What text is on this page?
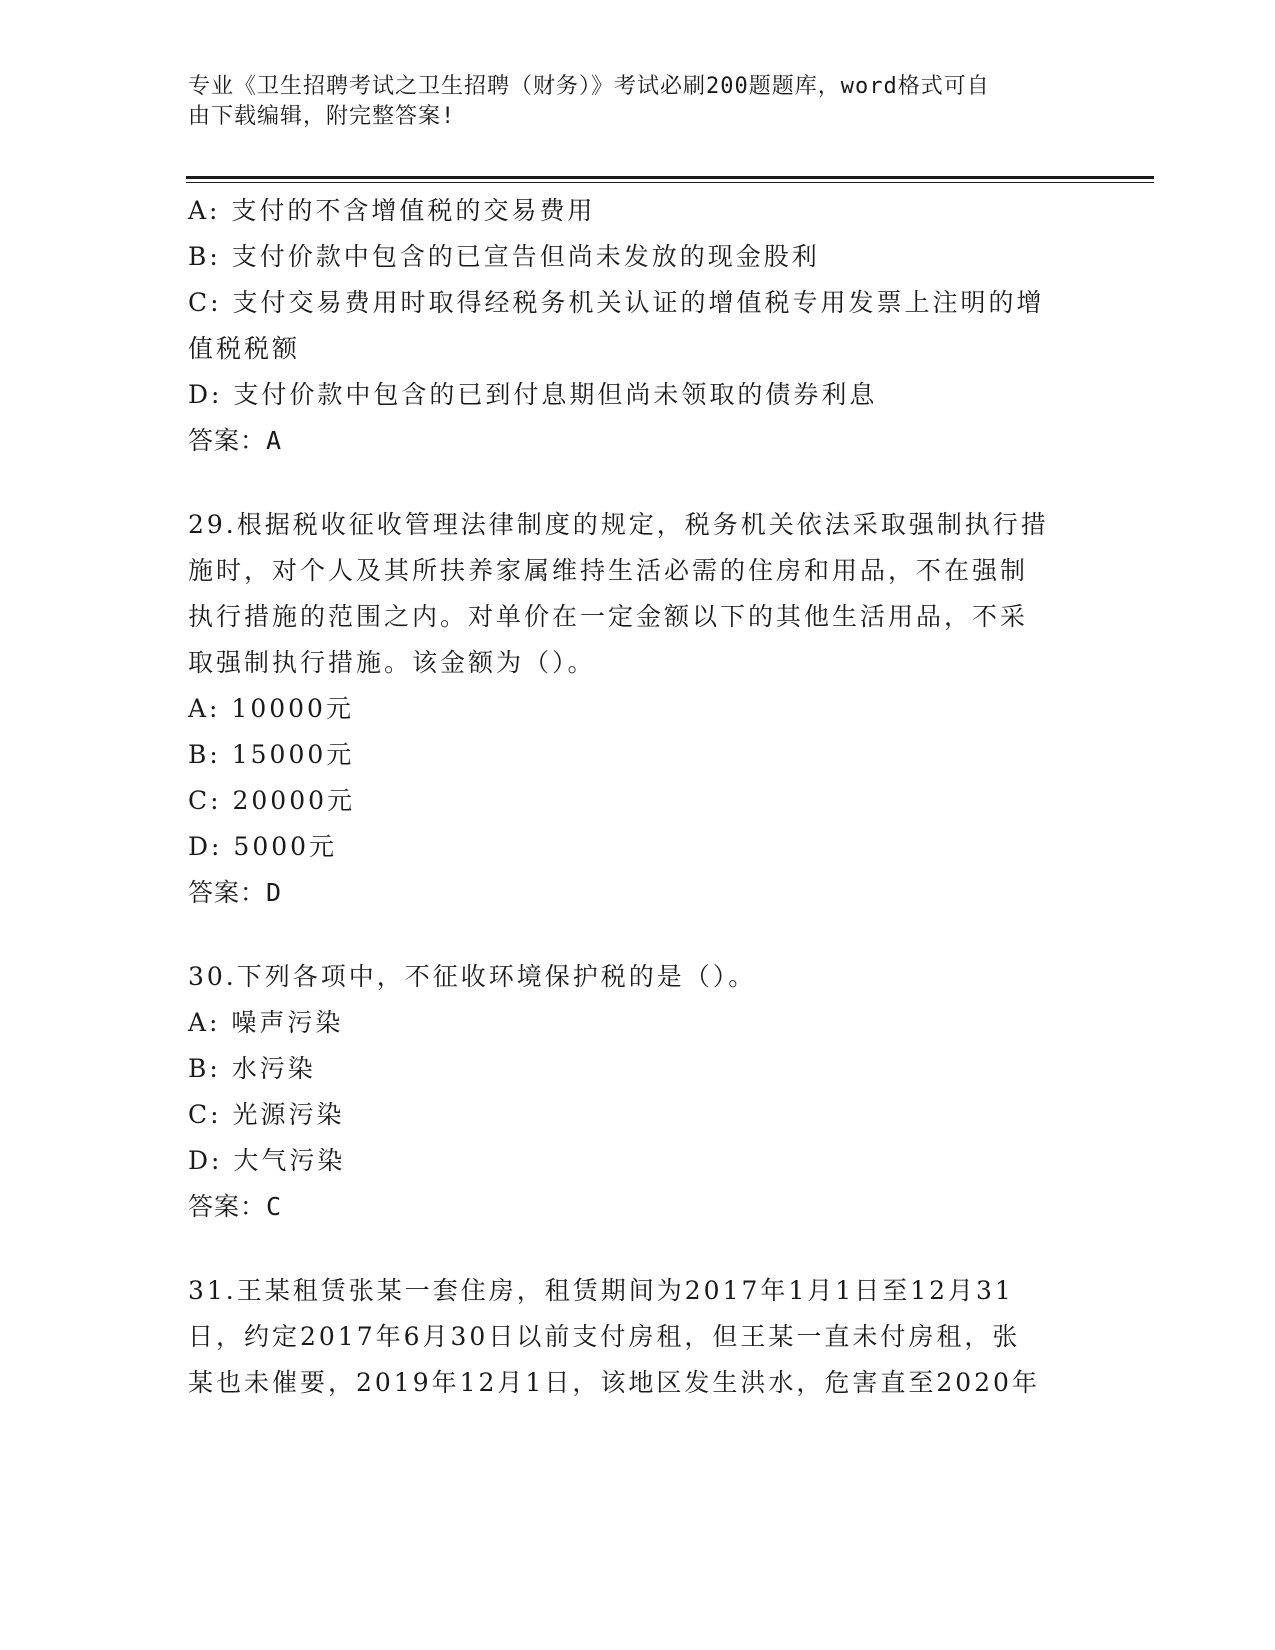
专业《卫生招聘考试之卫生招聘（财务）》考试必刷200题题库，word格式可自
由下载编辑，附完整答案!
A: 支付的不含增值税的交易费用
B: 支付价款中包含的已宣告但尚未发放的现金股利
C: 支付交易费用时取得经税务机关认证的增值税专用发票上注明的增
值税税额
D: 支付价款中包含的已到付息期但尚未领取的债券利息
答案：A
29.根据税收征收管理法律制度的规定，税务机关依法采取强制执行措
施时，对个人及其所扶养家属维持生活必需的住房和用品，不在强制
执行措施的范围之内。对单价在一定金额以下的其他生活用品，不采
取强制执行措施。该金额为（）。
A: 10000元
B: 15000元
C: 20000元
D: 5000元
答案：D
30.下列各项中，不征收环境保护税的是（）。
A: 噪声污染
B: 水污染
C: 光源污染
D: 大气污染
答案：C
31.王某租赁张某一套住房，租赁期间为2017年1月1日至12月31
日，约定2017年6月30日以前支付房租，但王某一直未付房租，张
某也未催要，2019年12月1日，该地区发生洪水，危害直至2020年
